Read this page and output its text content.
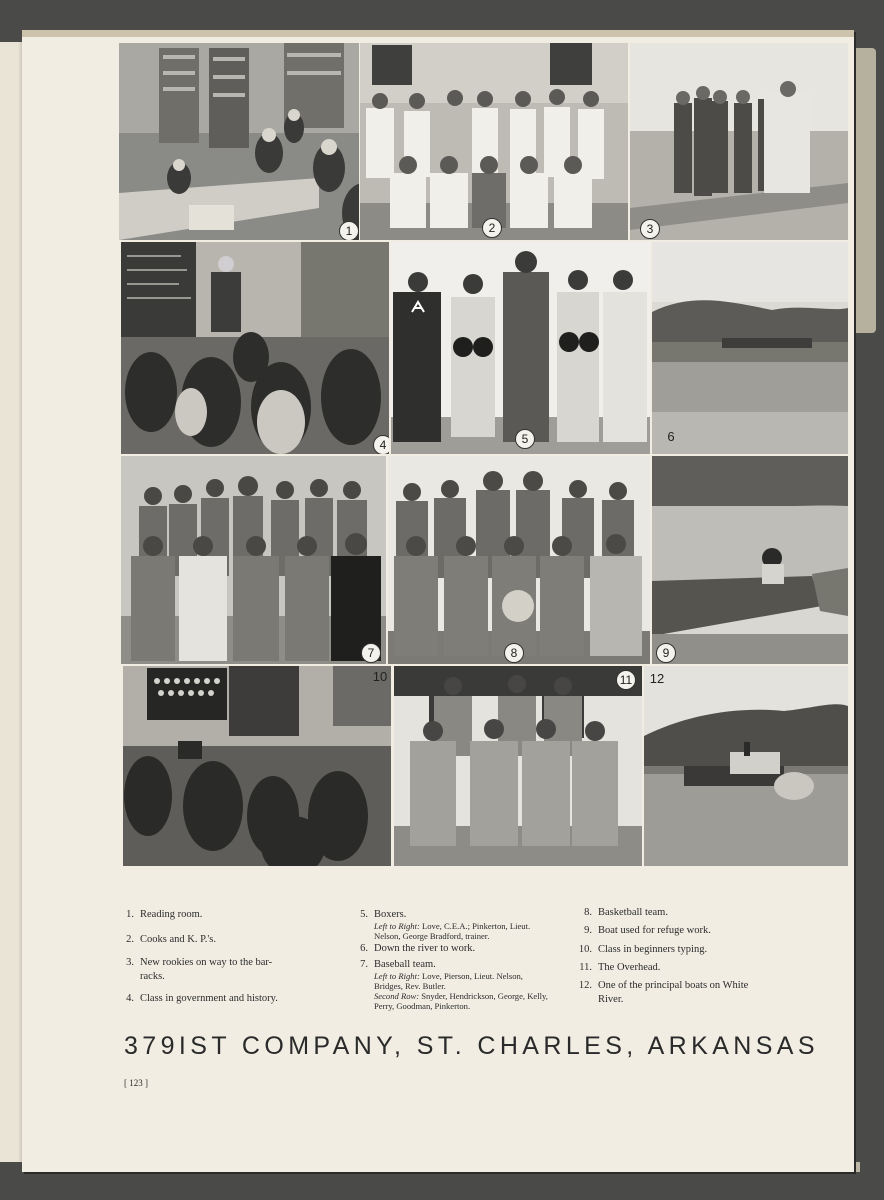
1	2	3
4	5	6
7	8	9
10	11 12
1. Reading room.
2. Cooks and K. P.'s.
3. New rookies on way to the bar-
racks.
4. Class in government and history.
5. Boxers.
Left to Right: Love, C.E.A.; Pinkerton, Lieut. Nelson, George Bradford, trainer.
6. Down the river to work.
7. Baseball team.
Left to Right: Love, Pierson, Lieut. Nelson, Bridges, Rev. Butler.
Second Row: Snyder, Hendrickson, George, Kelly, Perry, Goodman, Pinkerton.
8. Basketball team.
9. Boat used for refuge work.
10. Class in beginners typing.
11. The Overhead.
12. One of the principal boats on White
River.
379IST COMPANY, ST. CHARLES, ARKANSAS
[ 123 ]
